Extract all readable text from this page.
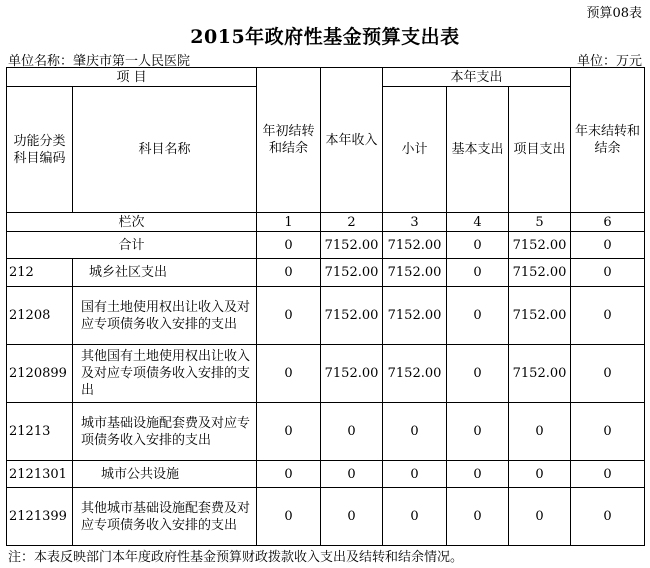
预算08表
2015年政府性基金预算支出表
单位名称：肇庆市第一人民医院	单位：万元
项 目		年初结转和结余	本年收入	本年支出			年末结转和结余
功能分类科目编码	科目名称			小计	基本支出	项目支出	
栏次		1	2	3	4	5	6
合计		0	7152.00	7152.00	0	7152.00	0
212	城乡社区支出	0	7152.00	7152.00	0	7152.00	0
21208	国有土地使用权出让收入及对应专项债务收入安排的支出	0	7152.00	7152.00	0	7152.00	0
2120899	其他国有土地使用权出让收入及对应专项债务收入安排的支出	0	7152.00	7152.00	0	7152.00	0
21213	城市基础设施配套费及对应专项债务收入安排的支出	0	0	0	0	0	0
2121301	城市公共设施	0	0	0	0	0	0
2121399	其他城市基础设施配套费及对应专项债务收入安排的支出	0	0	0	0	0	0
注：本表反映部门本年度政府性基金预算财政拨款收入支出及结转和结余情况。
